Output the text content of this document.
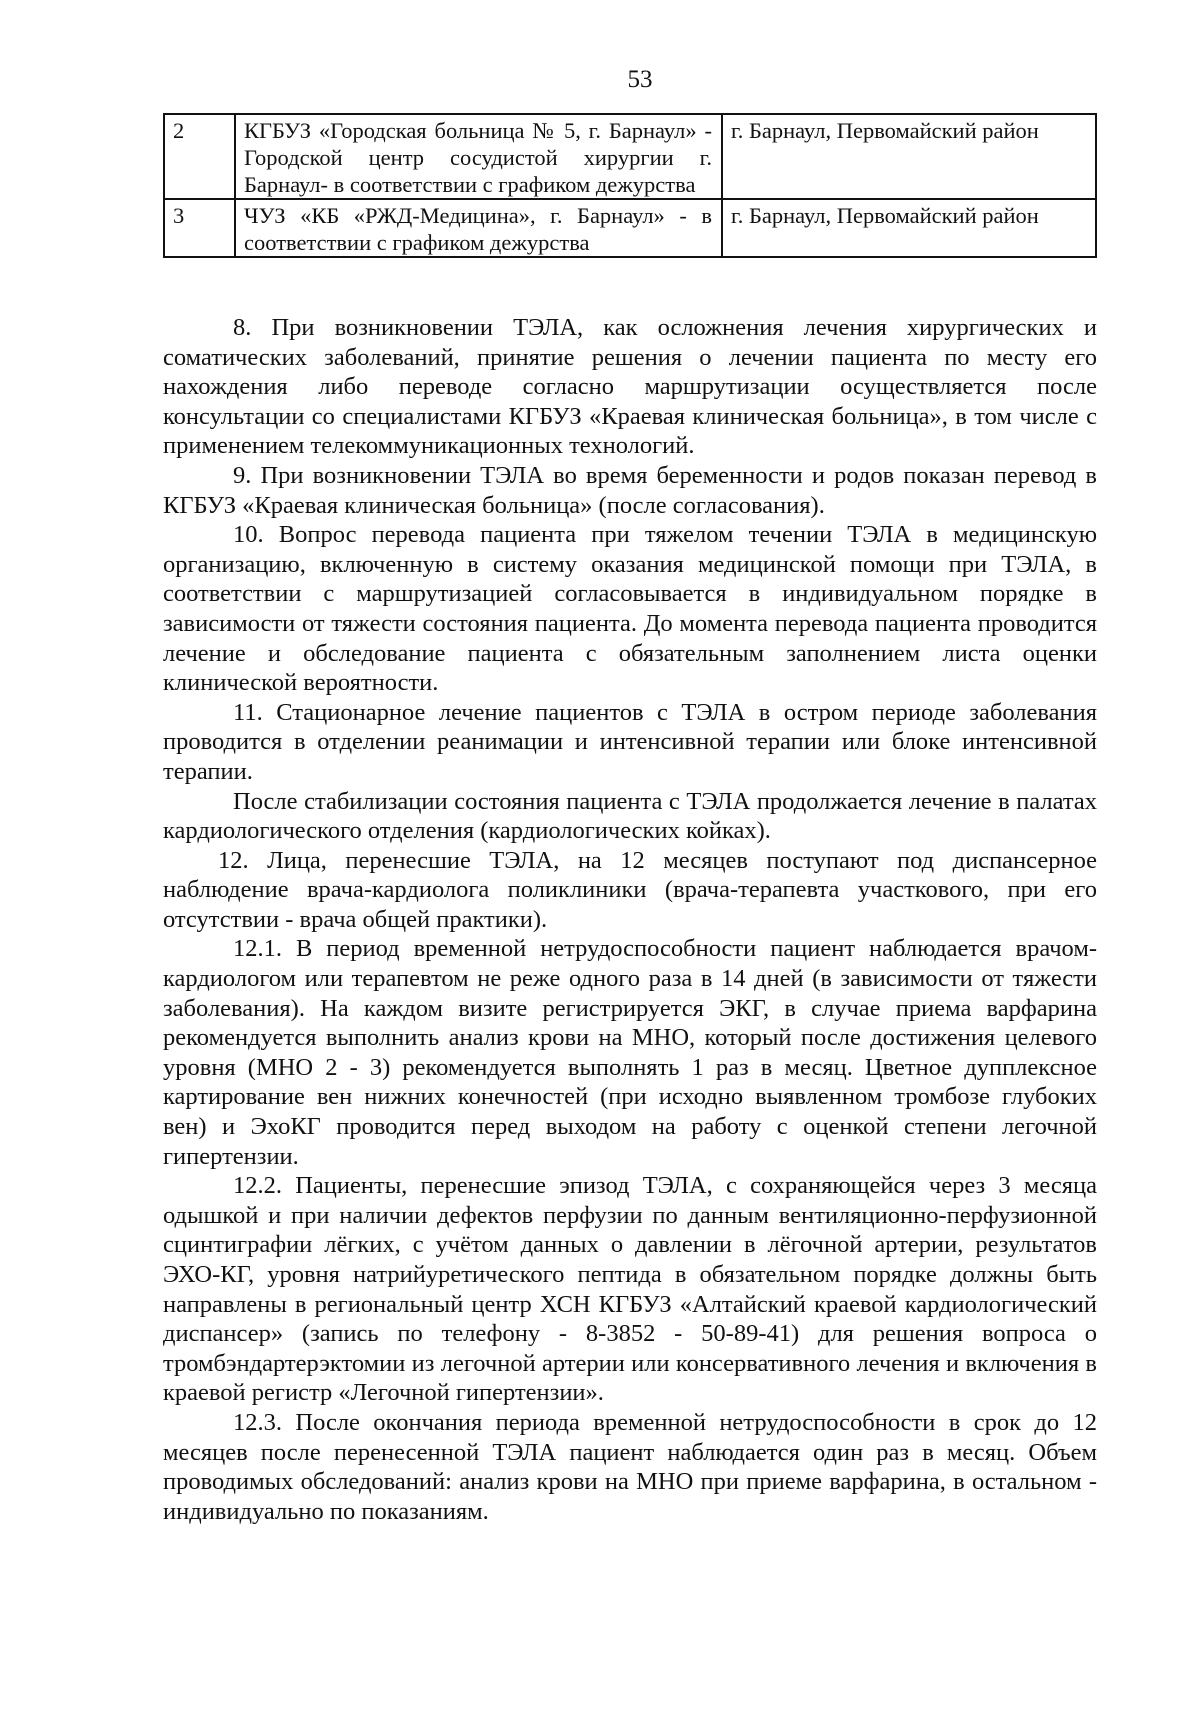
53
2	КГБУЗ «Городская больница № 5, г. Барнаул» - Городской центр сосудистой хирургии г. Барнаул- в соответствии с графиком дежурства	г. Барнаул, Первомайский район
3	ЧУЗ «КБ «РЖД-Медицина», г. Барнаул» - в соответствии с графиком дежурства	г. Барнаул, Первомайский район

8. При возникновении ТЭЛА, как осложнения лечения хирургических и соматических заболеваний, принятие решения о лечении пациента по месту его нахождения либо переводе согласно маршрутизации осуществляется после консультации со специалистами КГБУЗ «Краевая клиническая больница», в том числе с применением телекоммуникационных технологий.

9. При возникновении ТЭЛА во время беременности и родов показан перевод в КГБУЗ «Краевая клиническая больница» (после согласования).

10. Вопрос перевода пациента при тяжелом течении ТЭЛА в медицинскую организацию, включенную в систему оказания медицинской помощи при ТЭЛА, в соответствии с маршрутизацией согласовывается в индивидуальном порядке в зависимости от тяжести состояния пациента. До момента перевода пациента проводится лечение и обследование пациента с обязательным заполнением листа оценки клинической вероятности.

11. Стационарное лечение пациентов с ТЭЛА в остром периоде заболевания проводится в отделении реанимации и интенсивной терапии или блоке интенсивной терапии.

После стабилизации состояния пациента с ТЭЛА продолжается лечение в палатах кардиологического отделения (кардиологических койках).

12. Лица, перенесшие ТЭЛА, на 12 месяцев поступают под диспансерное наблюдение врача-кардиолога поликлиники (врача-терапевта участкового, при его отсутствии - врача общей практики).

12.1. В период временной нетрудоспособности пациент наблюдается врачом-кардиологом или терапевтом не реже одного раза в 14 дней (в зависимости от тяжести заболевания). На каждом визите регистрируется ЭКГ, в случае приема варфарина рекомендуется выполнить анализ крови на МНО, который после достижения целевого уровня (МНО 2 - 3) рекомендуется выполнять 1 раз в месяц. Цветное дупплексное картирование вен нижних конечностей (при исходно выявленном тромбозе глубоких вен) и ЭхоКГ проводится перед выходом на работу с оценкой степени легочной гипертензии.

12.2. Пациенты, перенесшие эпизод ТЭЛА, с сохраняющейся через 3 месяца одышкой и при наличии дефектов перфузии по данным вентиляционно-перфузионной сцинтиграфии лёгких, с учётом данных о давлении в лёгочной артерии, результатов ЭХО-КГ, уровня натрийуретического пептида в обязательном порядке должны быть направлены в региональный центр ХСН КГБУЗ «Алтайский краевой кардиологический диспансер» (запись по телефону - 8-3852 - 50-89-41) для решения вопроса о тромбэндартерэктомии из легочной артерии или консервативного лечения и включения в краевой регистр «Легочной гипертензии».

12.3. После окончания периода временной нетрудоспособности в срок до 12 месяцев после перенесенной ТЭЛА пациент наблюдается один раз в месяц. Объем проводимых обследований: анализ крови на МНО при приеме варфарина, в остальном - индивидуально по показаниям.
